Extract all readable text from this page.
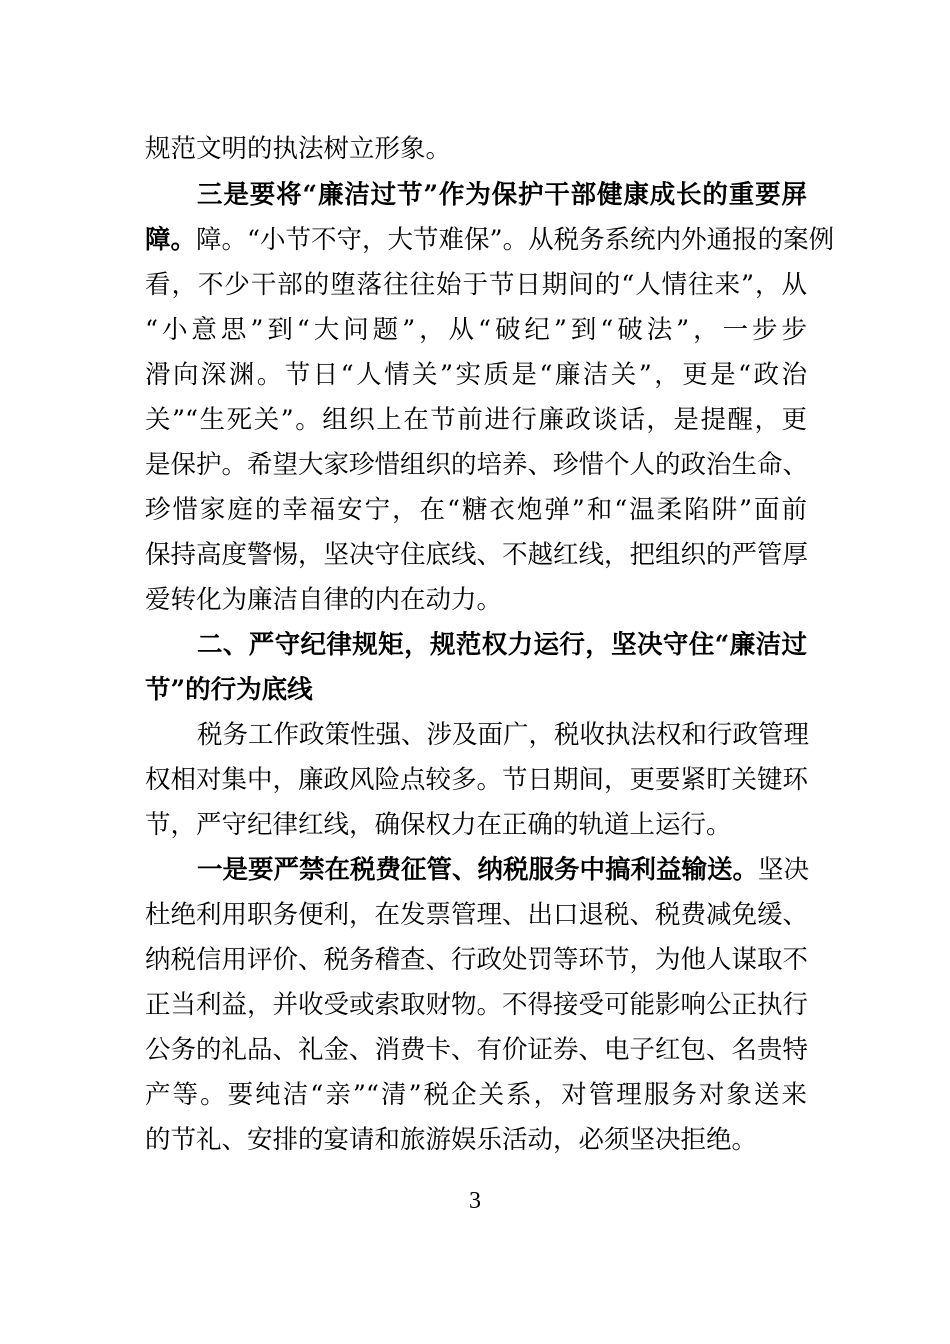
规范文明的执法树立形象。
三是要将“廉洁过节”作为保护干部健康成长的重要屏
障。障。“小节不守，大节难保”。从税务系统内外通报的案例
看，不少干部的堕落往往始于节日期间的“人情往来”，从
“小意思”到“大问题”，从“破纪”到“破法”，一步步
滑向深渊。节日“人情关”实质是“廉洁关”，更是“政治
关”“生死关”。组织上在节前进行廉政谈话，是提醒，更
是保护。希望大家珍惜组织的培养、珍惜个人的政治生命、
珍惜家庭的幸福安宁，在“糖衣炮弹”和“温柔陷阱”面前
保持高度警惕，坚决守住底线、不越红线，把组织的严管厚
爱转化为廉洁自律的内在动力。
二、严守纪律规矩，规范权力运行，坚决守住“廉洁过
节”的行为底线
税务工作政策性强、涉及面广，税收执法权和行政管理
权相对集中，廉政风险点较多。节日期间，更要紧盯关键环
节，严守纪律红线，确保权力在正确的轨道上运行。
一是要严禁在税费征管、纳税服务中搞利益输送。坚决
杜绝利用职务便利，在发票管理、出口退税、税费减免缓、
纳税信用评价、税务稽查、行政处罚等环节，为他人谋取不
正当利益，并收受或索取财物。不得接受可能影响公正执行
公务的礼品、礼金、消费卡、有价证券、电子红包、名贵特
产等。要纯洁“亲”“清”税企关系，对管理服务对象送来
的节礼、安排的宴请和旅游娱乐活动，必须坚决拒绝。
3
